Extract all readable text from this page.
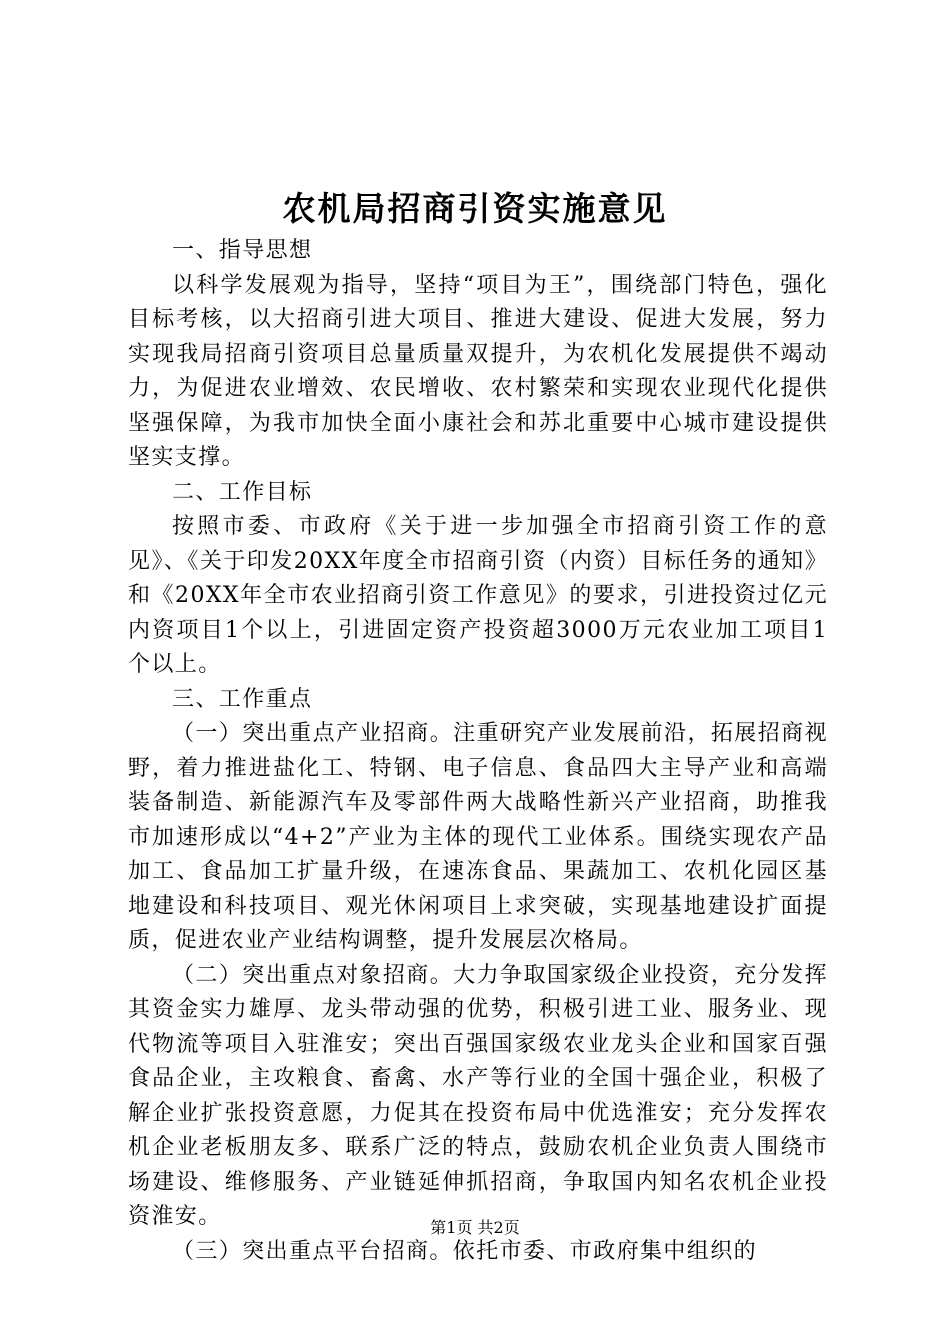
农机局招商引资实施意见

一、指导思想

以科学发展观为指导，坚持“项目为王”，围绕部门特色，强化目标考核，以大招商引进大项目、推进大建设、促进大发展，努力实现我局招商引资项目总量质量双提升，为农机化发展提供不竭动力，为促进农业增效、农民增收、农村繁荣和实现农业现代化提供坚强保障，为我市加快全面小康社会和苏北重要中心城市建设提供坚实支撑。

二、工作目标

按照市委、市政府《关于进一步加强全市招商引资工作的意见》、《关于印发20XX年度全市招商引资（内资）目标任务的通知》和《20XX年全市农业招商引资工作意见》的要求，引进投资过亿元内资项目1个以上，引进固定资产投资超3000万元农业加工项目1个以上。

三、工作重点

（一）突出重点产业招商。注重研究产业发展前沿，拓展招商视野，着力推进盐化工、特钢、电子信息、食品四大主导产业和高端装备制造、新能源汽车及零部件两大战略性新兴产业招商，助推我市加速形成以“4+2”产业为主体的现代工业体系。围绕实现农产品加工、食品加工扩量升级，在速冻食品、果蔬加工、农机化园区基地建设和科技项目、观光休闲项目上求突破，实现基地建设扩面提质，促进农业产业结构调整，提升发展层次格局。

（二）突出重点对象招商。大力争取国家级企业投资，充分发挥其资金实力雄厚、龙头带动强的优势，积极引进工业、服务业、现代物流等项目入驻淮安；突出百强国家级农业龙头企业和国家百强食品企业，主攻粮食、畜禽、水产等行业的全国十强企业，积极了解企业扩张投资意愿，力促其在投资布局中优选淮安；充分发挥农机企业老板朋友多、联系广泛的特点，鼓励农机企业负责人围绕市场建设、维修服务、产业链延伸抓招商，争取国内知名农机企业投资淮安。

（三）突出重点平台招商。依托市委、市政府集中组织的

第1页 共2页
